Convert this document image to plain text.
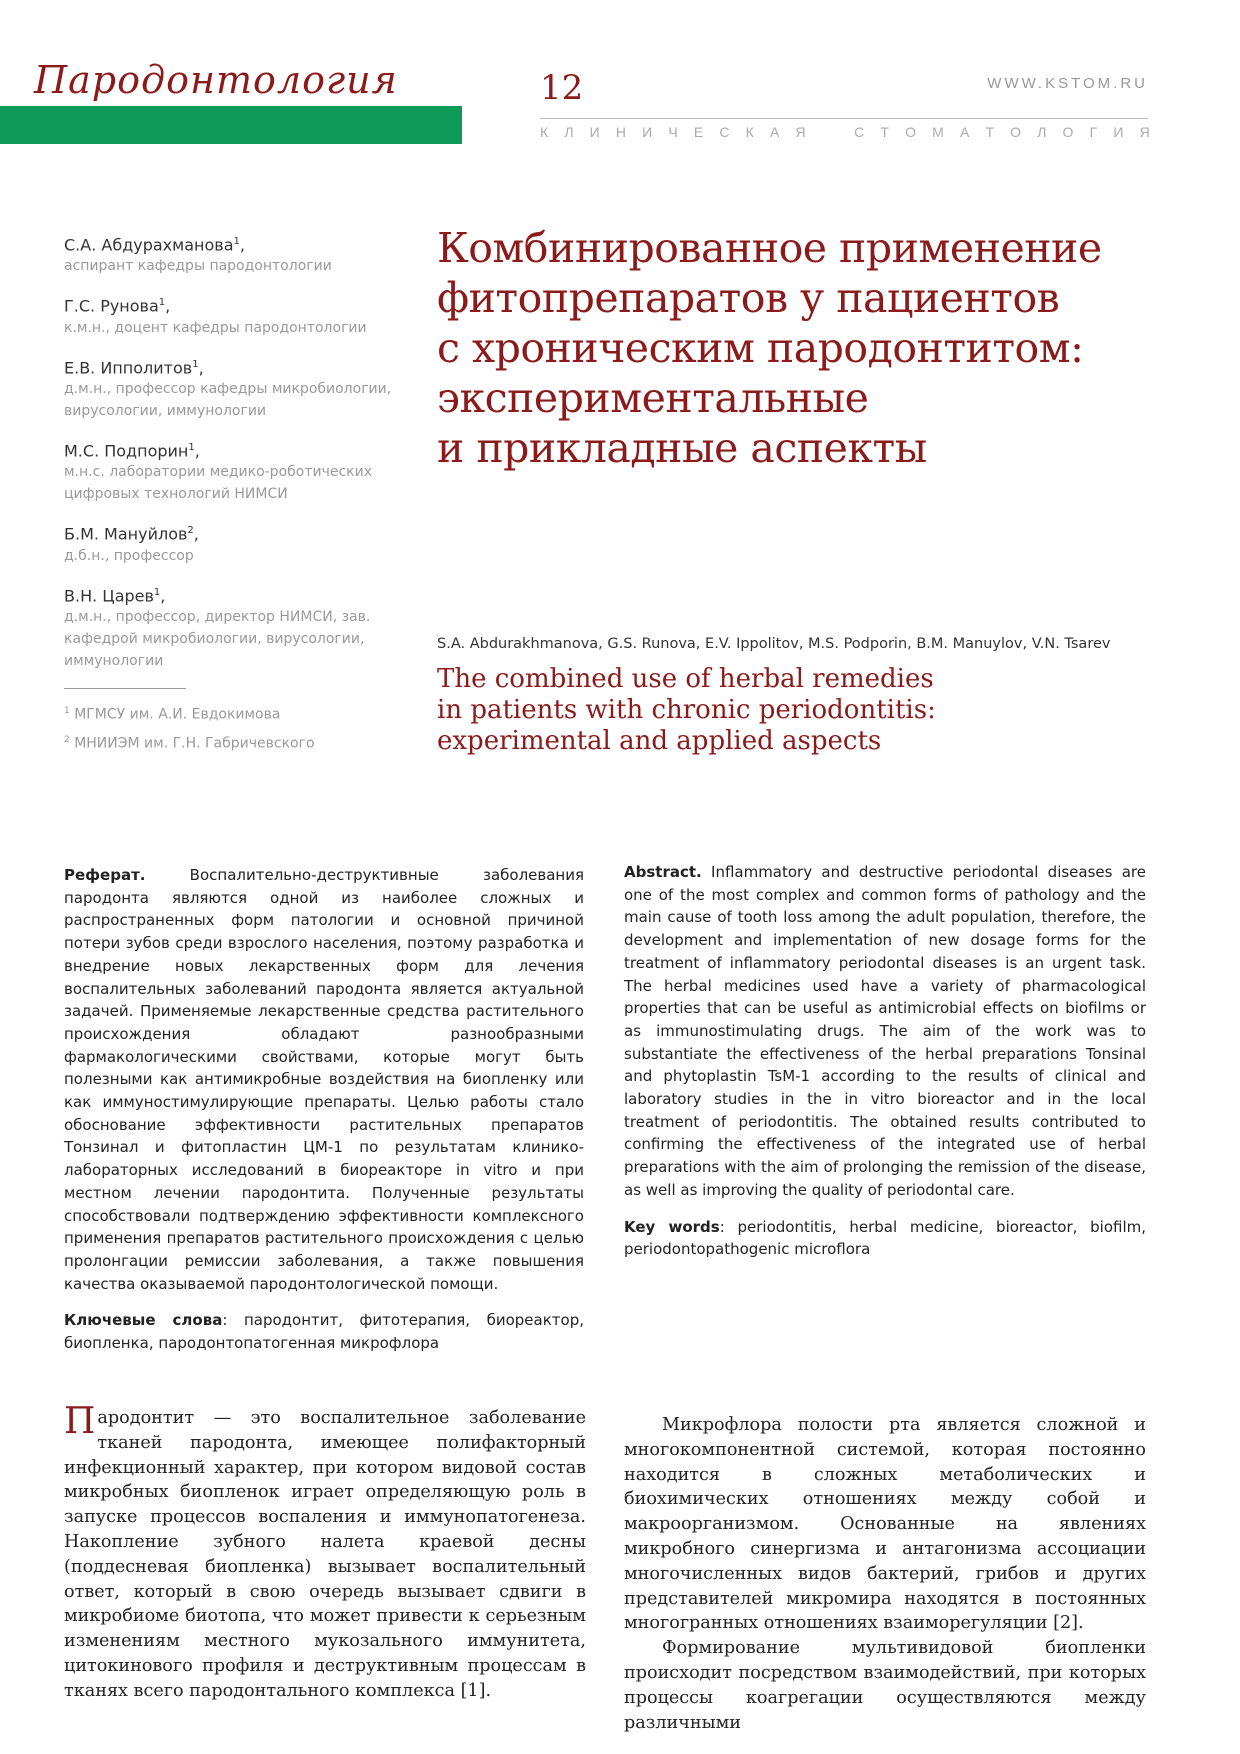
Пародонтология	12	WWW.KSTOM.RU
К Л И Н И Ч Е С К А Я	С Т О М А Т О Л О Г И Я
С.А. Абдурахманова$^1$,
аспирант кафедры пародонтологии
Г.С. Рунова$^1$,
к.м.н., доцент кафедры пародонтологии
Е.В. Ипполитов$^1$,
д.м.н., профессор кафедры микробиологии, вирусологии, иммунологии
М.С. Подпорин$^1$,
м.н.с. лаборатории медико-роботических цифровых технологий НИМСИ
Б.М. Мануйлов$^2$,
д.б.н., профессор
В.Н. Царев$^1$,
д.м.н., профессор, директор НИМСИ, зав. кафедрой микробиологии, вирусологии, иммунологии
$^1$ МГМСУ им. А.И. Евдокимова
$^2$ МНИИЭМ им. Г.Н. Габричевского
Комбинированное применение
фитопрепаратов у пациентов
с хроническим пародонтитом:
экспериментальные
и прикладные аспекты
S.A. Abdurakhmanova, G.S. Runova, E.V. Ippolitov, M.S. Podporin, B.M. Manuylov, V.N. Tsarev
The combined use of herbal remedies
in patients with chronic periodontitis:
experimental and applied aspects
Реферат. Воспалительно-деструктивные заболевания пародонта являются одной из наиболее сложных и распространенных форм патологии и основной причиной потери зубов среди взрослого населения, поэтому разработка и внедрение новых лекарственных форм для лечения воспалительных заболеваний пародонта является актуальной задачей. Применяемые лекарственные средства растительного происхождения обладают разнообразными фармакологическими свойствами, которые могут быть полезными как антимикробные воздействия на биопленку или как иммуностимулирующие препараты. Целью работы стало обоснование эффективности растительных препаратов Тонзинал и фитопластин ЦМ-1 по результатам клинико-лабораторных исследований в биореакторе in vitro и при местном лечении пародонтита. Полученные результаты способствовали подтверждению эффективности комплексного применения препаратов растительного происхождения с целью пролонгации ремиссии заболевания, а также повышения качества оказываемой пародонтологической помощи.
Ключевые слова: пародонтит, фитотерапия, биореактор, биопленка, пародонтопатогенная микрофлора
Abstract. Inflammatory and destructive periodontal diseases are one of the most complex and common forms of pathology and the main cause of tooth loss among the adult population, therefore, the development and implementation of new dosage forms for the treatment of inflammatory periodontal diseases is an urgent task. The herbal medicines used have a variety of pharmacological properties that can be useful as antimicrobial effects on biofilms or as immunostimulating drugs. The aim of the work was to substantiate the effectiveness of the herbal preparations Tonsinal and phytoplastin TsM-1 according to the results of clinical and laboratory studies in the in vitro bioreactor and in the local treatment of periodontitis. The obtained results contributed to confirming the effectiveness of the integrated use of herbal preparations with the aim of prolonging the remission of the disease, as well as improving the quality of periodontal care.
Key words: periodontitis, herbal medicine, bioreactor, biofilm, periodontopathogenic microflora

Пародонтит — это воспалительное заболевание тканей пародонта, имеющее полифакторный инфекционный характер, при котором видовой состав микробных биопленок играет определяющую роль в запуске процессов воспаления и иммунопатогенеза. Накопление зубного налета краевой десны (поддесневая биопленка) вызывает воспалительный ответ, который в свою очередь вызывает сдвиги в микробиоме биотопа, что может привести к серьезным изменениям местного мукозального иммунитета, цитокинового профиля и деструктивным процессам в тканях всего пародонтального комплекса [1].

Микрофлора полости рта является сложной и многокомпонентной системой, которая постоянно находится в сложных метаболических и биохимических отношениях между собой и макроорганизмом. Основанные на явлениях микробного синергизма и антагонизма ассоциации многочисленных видов бактерий, грибов и других представителей микромира находятся в постоянных многогранных отношениях взаиморегуляции [2].

Формирование мультивидовой биопленки происходит посредством взаимодействий, при которых процессы коагрегации осуществляются между различными
